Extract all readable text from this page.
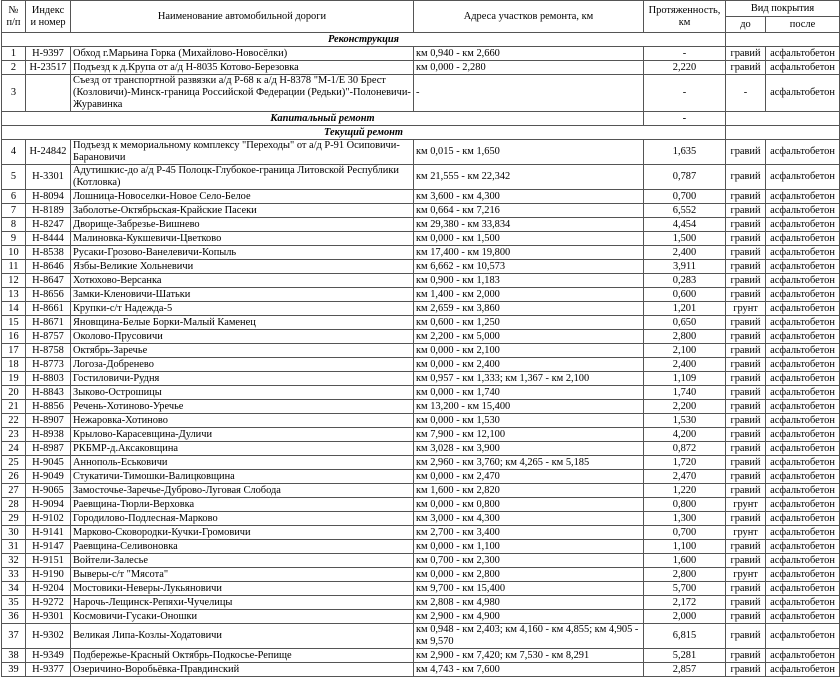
№ п/п	Индекс и номер	Наименование автомобильной дороги	Адреса участков ремонта, км	Протяженность, км	Вид покрытия	
					до	после
Реконструкция						
1	Н-9397	Обход г.Марьина Горка (Михайлово-Новосёлки)	км 0,940 - км 2,660	-	гравий	асфальтобетон
2	Н-23517	Подъезд к д.Крупа от а/д Н-8035 Котово-Березовка	км 0,000 - 2,280	2,220	гравий	асфальтобетон
3		Съезд от транспортной развязки а/д Р-68 к а/д Н-8378 "М-1/Е 30 Брест (Козловичи)-Минск-граница Российской Федерации (Редьки)"-Полоневичи-Журавинка	-	-	-	асфальтобетон
Капитальный ремонт				-		
Текущий ремонт						
4	Н-24842	Подъезд к мемориальному комплексу "Переходы" от а/д Р-91 Осиповичи-Барановичи	км 0,015 - км 1,650	1,635	гравий	асфальтобетон
5	Н-3301	Адутишкис-до а/д Р-45 Полоцк-Глубокое-граница Литовской Республики (Котловка)	км 21,555 - км 22,342	0,787	гравий	асфальтобетон
6	Н-8094	Лошница-Новоселки-Новое Село-Белое	км 3,600 - км 4,300	0,700	гравий	асфальтобетон
7	Н-8189	Заболотье-Октябрьская-Крайские Пасеки	км 0,664 - км 7,216	6,552	гравий	асфальтобетон
8	Н-8247	Дворище-Забрезье-Вишнево	км 29,380 - км 33,834	4,454	гравий	асфальтобетон
9	Н-8444	Малиновка-Кукшевичи-Цветково	км 0,000 - км 1,500	1,500	гравий	асфальтобетон
10	Н-8538	Русаки-Грозово-Ванелевичи-Копыль	км 17,400 - км 19,800	2,400	гравий	асфальтобетон
11	Н-8646	Язбы-Великие Хольневичи	км 6,662 - км 10,573	3,911	гравий	асфальтобетон
12	Н-8647	Хотюхово-Версанка	км 0,900 - км 1,183	0,283	гравий	асфальтобетон
13	Н-8656	Замки-Кленовичи-Шатьки	км 1,400 - км 2,000	0,600	гравий	асфальтобетон
14	Н-8661	Крупки-с/т Надежда-5	км 2,659 - км 3,860	1,201	грунт	асфальтобетон
15	Н-8671	Яновщина-Белые Борки-Малый Каменец	км 0,600 - км 1,250	0,650	гравий	асфальтобетон
16	Н-8757	Околово-Прусовичи	км 2,200 - км 5,000	2,800	гравий	асфальтобетон
17	Н-8758	Октябрь-Заречье	км 0,000 - км 2,100	2,100	гравий	асфальтобетон
18	Н-8773	Логоза-Добренево	км 0,000 - км 2,400	2,400	гравий	асфальтобетон
19	Н-8803	Гостиловичи-Рудня	км 0,957 - км 1,333; км 1,367 - км 2,100	1,109	гравий	асфальтобетон
20	Н-8843	Зыково-Острошицы	км 0,000 - км 1,740	1,740	гравий	асфальтобетон
21	Н-8856	Речень-Хотиново-Уречье	км 13,200 - км 15,400	2,200	гравий	асфальтобетон
22	Н-8907	Нежаровка-Хотиново	км 0,000 - км 1,530	1,530	гравий	асфальтобетон
23	Н-8938	Крылово-Карасевщина-Дуличи	км 7,900 - км 12,100	4,200	гравий	асфальтобетон
24	Н-8987	РКБМР-д.Аксаковщина	км 3,028 - км 3,900	0,872	гравий	асфальтобетон
25	Н-9045	Аннополь-Еськовичи	км 2,960 - км 3,760; км 4,265 - км 5,185	1,720	гравий	асфальтобетон
26	Н-9049	Стукатичи-Тимошки-Валицковщина	км 0,000 - км 2,470	2,470	гравий	асфальтобетон
27	Н-9065	Замосточье-Заречье-Дуброво-Луговая Слобода	км 1,600 - км 2,820	1,220	гравий	асфальтобетон
28	Н-9094	Раевщина-Тюрли-Верховка	км 0,000 - км 0,800	0,800	грунт	асфальтобетон
29	Н-9102	Городилово-Подлесная-Марково	км 3,000 - км 4,300	1,300	гравий	асфальтобетон
30	Н-9141	Марково-Сковородки-Кучки-Громовичи	км 2,700 - км 3,400	0,700	грунт	асфальтобетон
31	Н-9147	Раевщина-Селивоновка	км 0,000 - км 1,100	1,100	гравий	асфальтобетон
32	Н-9151	Войтели-Залесье	км 0,700 - км 2,300	1,600	гравий	асфальтобетон
33	Н-9190	Выверы-с/т "Мясота"	км 0,000 - км 2,800	2,800	грунт	асфальтобетон
34	Н-9204	Мостовики-Неверы-Лукьяновичи	км 9,700 - км 15,400	5,700	гравий	асфальтобетон
35	Н-9272	Нарочь-Лещинск-Репяхи-Чучелицы	км 2,808 - км 4,980	2,172	гравий	асфальтобетон
36	Н-9301	Космовичи-Гусаки-Оношки	км 2,900 - км 4,900	2,000	гравий	асфальтобетон
37	Н-9302	Великая Липа-Козлы-Ходатовичи	км 0,948 - км 2,403; км 4,160 - км 4,855; км 4,905 - км 9,570	6,815	гравий	асфальтобетон
38	Н-9349	Подбережье-Красный Октябрь-Подкосье-Репище	км 2,900 - км 7,420; км 7,530 - км 8,291	5,281	гравий	асфальтобетон
39	Н-9377	Озеричино-Воробьёвка-Правдинский	км 4,743 - км 7,600	2,857	гравий	асфальтобетон
